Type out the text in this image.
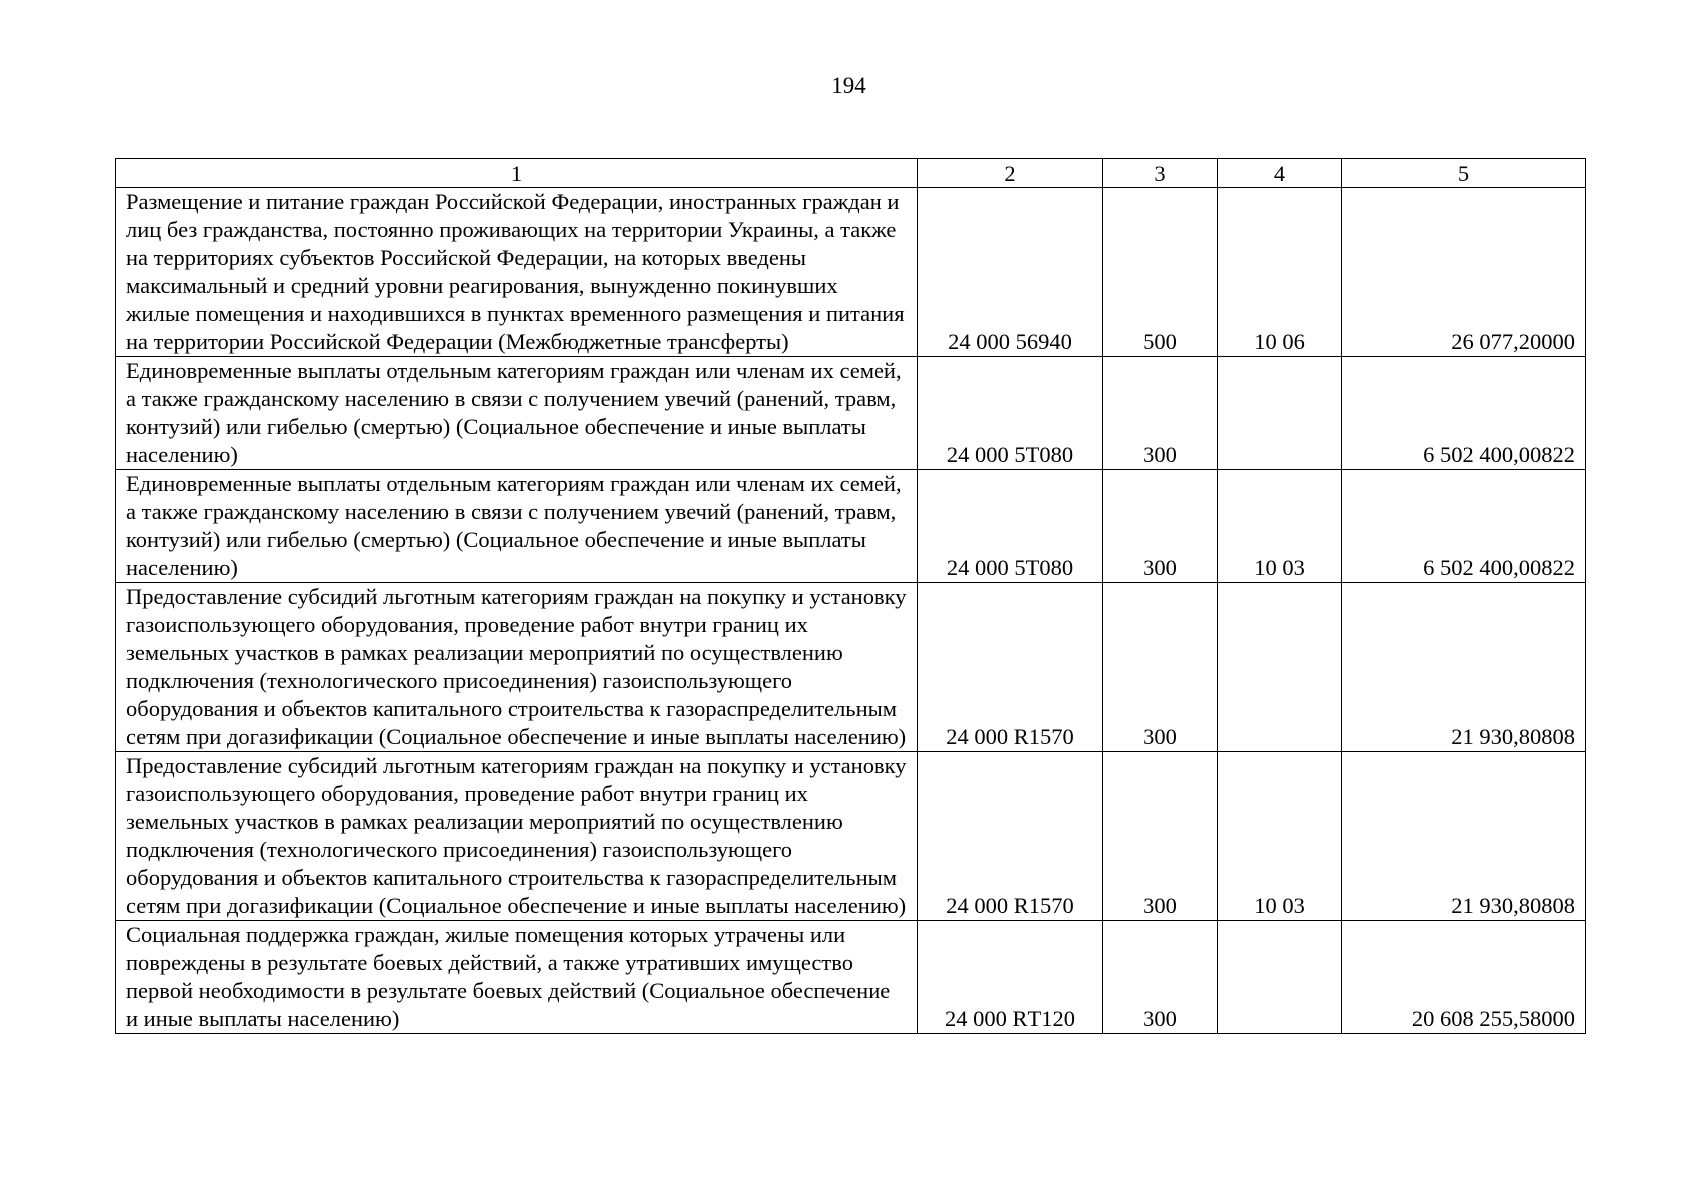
194
1	2	3	4	5
Размещение и питание граждан Российской Федерации, иностранных граждан и лиц без гражданства, постоянно проживающих на территории Украины, а также на территориях субъектов Российской Федерации, на которых введены максимальный и средний уровни реагирования, вынужденно покинувших жилые помещения и находившихся в пунктах временного размещения и питания на территории Российской Федерации (Межбюджетные трансферты)	24 000 56940	500	10 06	26 077,20000
Единовременные выплаты отдельным категориям граждан или членам их семей, а также гражданскому населению в связи с получением увечий (ранений, травм, контузий) или гибелью (смертью) (Социальное обеспечение и иные выплаты населению)	24 000 5Т080	300		6 502 400,00822
Единовременные выплаты отдельным категориям граждан или членам их семей, а также гражданскому населению в связи с получением увечий (ранений, травм, контузий) или гибелью (смертью) (Социальное обеспечение и иные выплаты населению)	24 000 5Т080	300	10 03	6 502 400,00822
Предоставление субсидий льготным категориям граждан на покупку и установку газоиспользующего оборудования, проведение работ внутри границ их земельных участков в рамках реализации мероприятий по осуществлению подключения (технологического присоединения) газоиспользующего оборудования и объектов капитального строительства к газораспределительным сетям при догазификации (Социальное обеспечение и иные выплаты населению)	24 000 R1570	300		21 930,80808
Предоставление субсидий льготным категориям граждан на покупку и установку газоиспользующего оборудования, проведение работ внутри границ их земельных участков в рамках реализации мероприятий по осуществлению подключения (технологического присоединения) газоиспользующего оборудования и объектов капитального строительства к газораспределительным сетям при догазификации (Социальное обеспечение и иные выплаты населению)	24 000 R1570	300	10 03	21 930,80808
Социальная поддержка граждан, жилые помещения которых утрачены или повреждены в результате боевых действий, а также утративших имущество первой необходимости в результате боевых действий (Социальное обеспечение и иные выплаты населению)	24 000 RТ120	300		20 608 255,58000
